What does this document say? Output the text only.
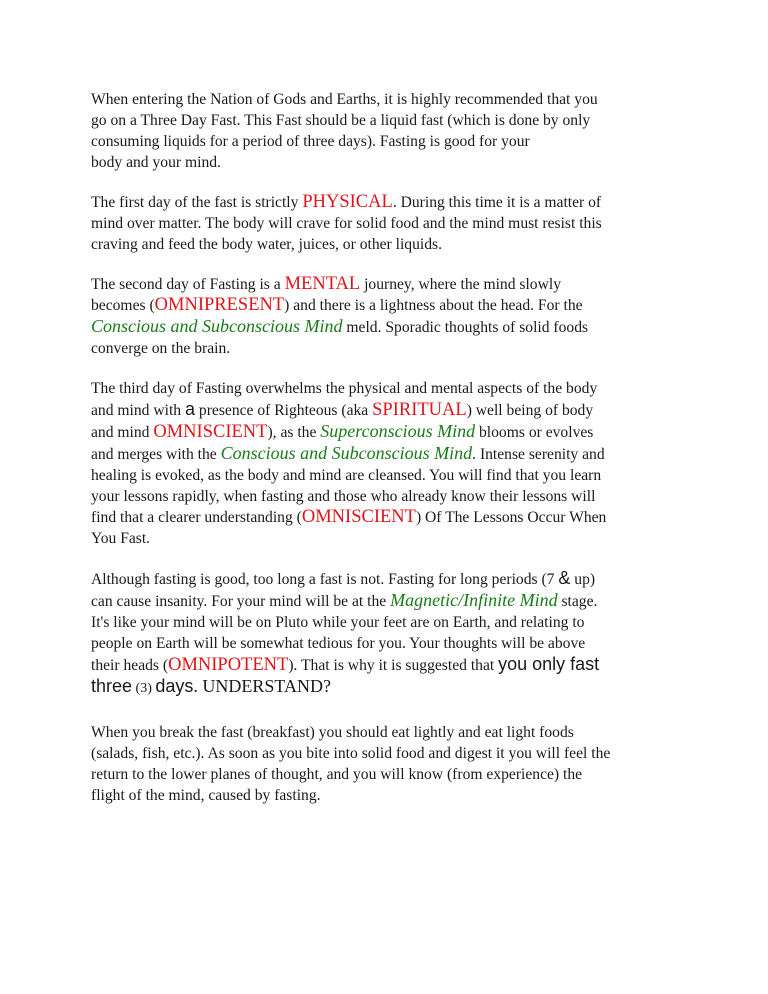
When entering the Nation of Gods and Earths, it is highly recommended that you
go on a Three Day Fast. This Fast should be a liquid fast (which is done by only
consuming liquids for a period of three days). Fasting is good for your
body and your mind.
The first day of the fast is strictly PHYSICAL. During this time it is a matter of
mind over matter. The body will crave for solid food and the mind must resist this
craving and feed the body water, juices, or other liquids.
The second day of Fasting is a MENTAL journey, where the mind slowly
becomes (OMNIPRESENT) and there is a lightness about the head. For the
Conscious and Subconscious Mind meld. Sporadic thoughts of solid foods
converge on the brain.
The third day of Fasting overwhelms the physical and mental aspects of the body
and mind with a presence of Righteous (aka SPIRITUAL) well being of body
and mind OMNISCIENT), as the Superconscious Mind blooms or evolves
and merges with the Conscious and Subconscious Mind. Intense serenity and
healing is evoked, as the body and mind are cleansed. You will find that you learn
your lessons rapidly, when fasting and those who already know their lessons will
find that a clearer understanding (OMNISCIENT) Of The Lessons Occur When
You Fast.
Although fasting is good, too long a fast is not. Fasting for long periods (7 & up)
can cause insanity. For your mind will be at the Magnetic/Infinite Mind stage.
It's like your mind will be on Pluto while your feet are on Earth, and relating to
people on Earth will be somewhat tedious for you. Your thoughts will be above
their heads (OMNIPOTENT). That is why it is suggested that you only fast
three (3) days. UNDERSTAND?
When you break the fast (breakfast) you should eat lightly and eat light foods
(salads, fish, etc.). As soon as you bite into solid food and digest it you will feel the
return to the lower planes of thought, and you will know (from experience) the
flight of the mind, caused by fasting.
